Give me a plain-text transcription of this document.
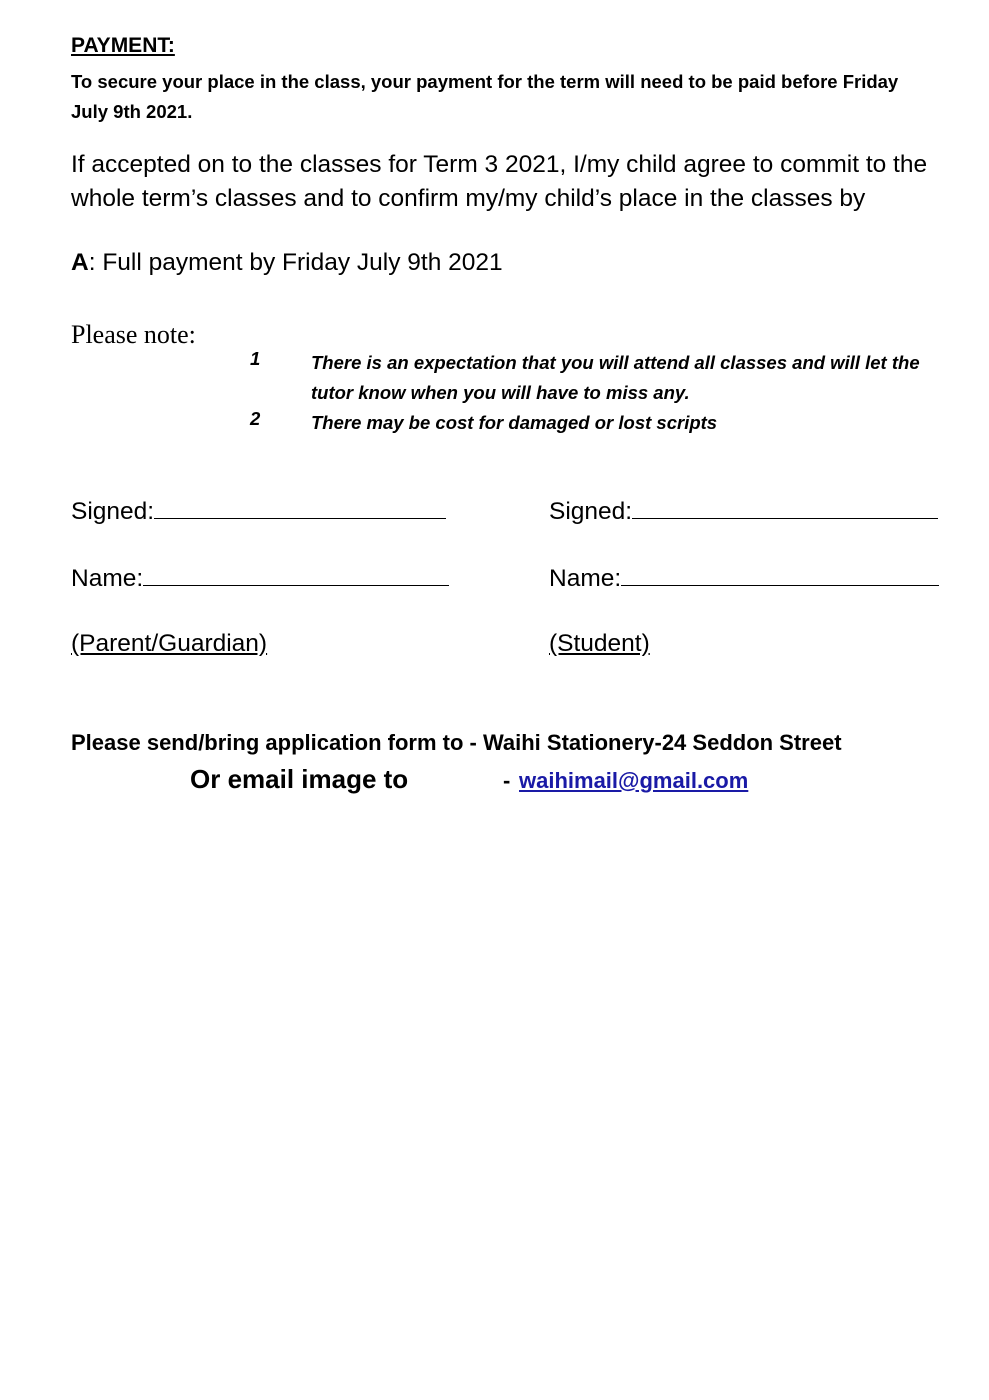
PAYMENT:
To secure your place in the class, your payment for the term will need to be paid before Friday July 9th 2021.
If accepted on to the classes for Term 3 2021, I/my child agree to commit to the whole term’s classes and to confirm my/my child’s place in the classes by
A: Full payment by Friday July 9th 2021
Please note:
1	There is an expectation that you will attend all classes and will let the tutor know when you will have to miss any.
2	There may be cost for damaged or lost scripts
Signed:
Name:
(Parent/Guardian)
Signed:
Name:
(Student)
Please send/bring application form to - Waihi Stationery-24 Seddon Street
Or email image to	- waihimail@gmail.com
